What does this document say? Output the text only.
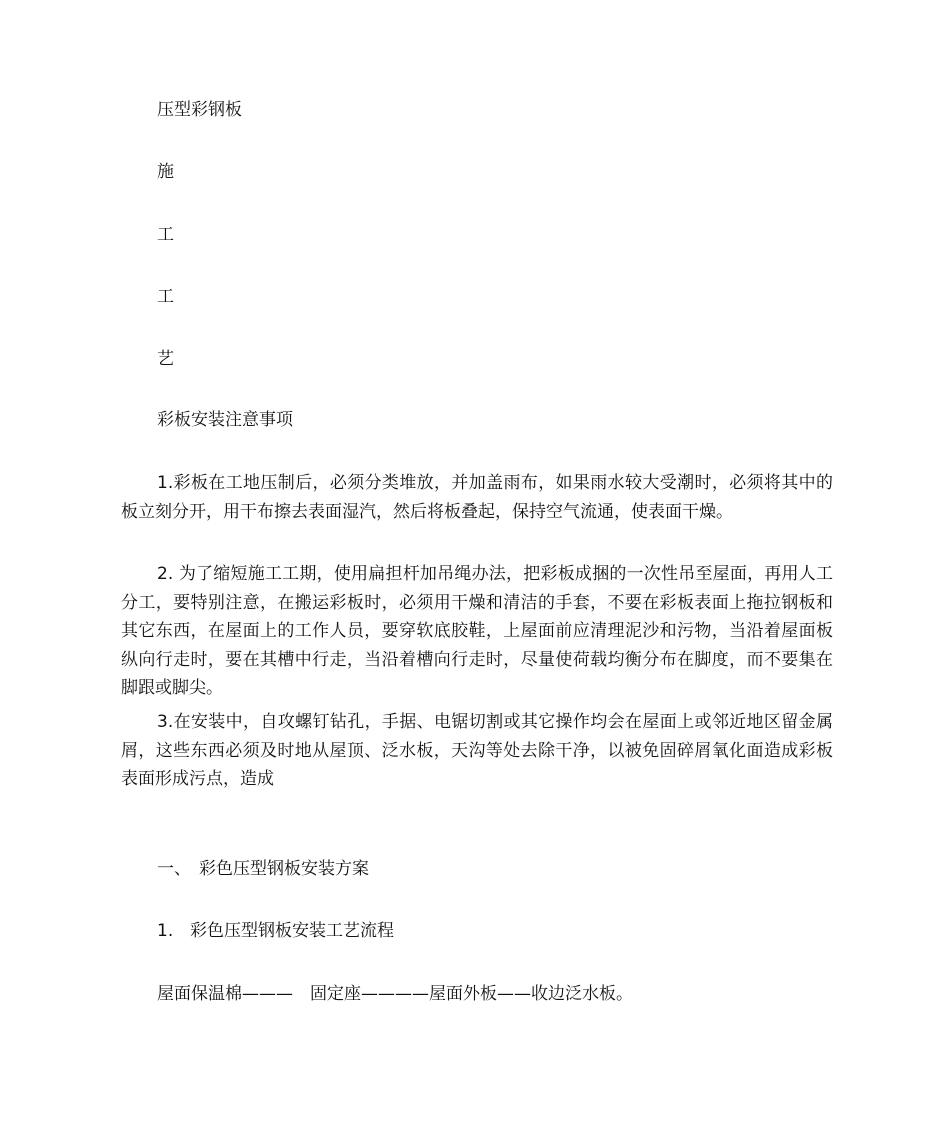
压型彩钢板
施
工
工
艺
彩板安装注意事项
1.彩板在工地压制后，必须分类堆放，并加盖雨布，如果雨水较大受潮时，必须将其中的板立刻分开，用干布擦去表面湿汽，然后将板叠起，保持空气流通，使表面干燥。
2. 为了缩短施工工期，使用扁担杆加吊绳办法，把彩板成捆的一次性吊至屋面，再用人工分工，要特别注意，在搬运彩板时，必须用干燥和清洁的手套，不要在彩板表面上拖拉钢板和其它东西，在屋面上的工作人员，要穿软底胶鞋，上屋面前应清理泥沙和污物，当沿着屋面板纵向行走时，要在其槽中行走，当沿着槽向行走时，尽量使荷载均衡分布在脚度，而不要集在脚跟或脚尖。
3.在安装中，自攻螺钉钻孔，手据、电锯切割或其它操作均会在屋面上或邻近地区留金属屑，这些东西必须及时地从屋顶、泛水板，天沟等处去除干净，以被免固碎屑氧化面造成彩板表面形成污点，造成
一、 彩色压型钢板安装方案
1. 彩色压型钢板安装工艺流程
屋面保温棉———　固定座————屋面外板——收边泛水板。
